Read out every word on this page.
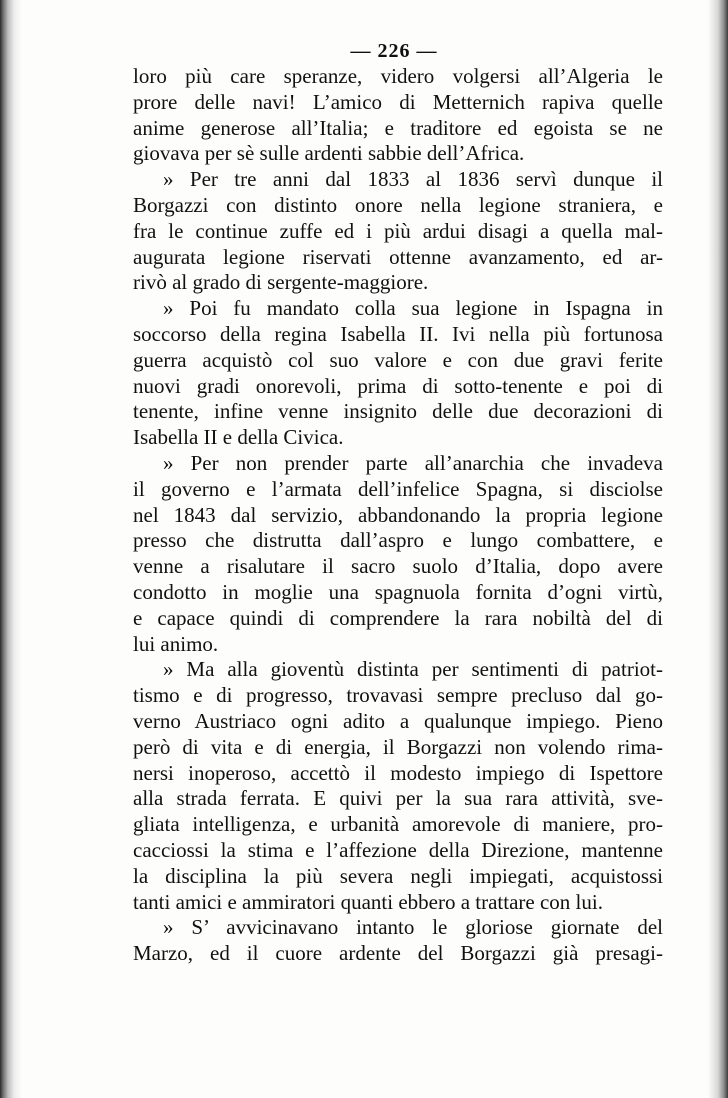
— 226 —
loro più care speranze, videro volgersi all’Algeria le
prore delle navi! L’amico di Metternich rapiva quelle
anime generose all’Italia; e traditore ed egoista se ne
giovava per sè sulle ardenti sabbie dell’Africa.
» Per tre anni dal 1833 al 1836 servì dunque il
Borgazzi con distinto onore nella legione straniera, e
fra le continue zuffe ed i più ardui disagi a quella mal-
augurata legione riservati ottenne avanzamento, ed ar-
rivò al grado di sergente-maggiore.
» Poi fu mandato colla sua legione in Ispagna in
soccorso della regina Isabella II. Ivi nella più fortunosa
guerra acquistò col suo valore e con due gravi ferite
nuovi gradi onorevoli, prima di sotto-tenente e poi di
tenente, infine venne insignito delle due decorazioni di
Isabella II e della Civica.
» Per non prender parte all’anarchia che invadeva
il governo e l’armata dell’infelice Spagna, si disciolse
nel 1843 dal servizio, abbandonando la propria legione
presso che distrutta dall’aspro e lungo combattere, e
venne a risalutare il sacro suolo d’Italia, dopo avere
condotto in moglie una spagnuola fornita d’ogni virtù,
e capace quindi di comprendere la rara nobiltà del di
lui animo.
» Ma alla gioventù distinta per sentimenti di patriot-
tismo e di progresso, trovavasi sempre precluso dal go-
verno Austriaco ogni adito a qualunque impiego. Pieno
però di vita e di energia, il Borgazzi non volendo rima-
nersi inoperoso, accettò il modesto impiego di Ispettore
alla strada ferrata. E quivi per la sua rara attività, sve-
gliata intelligenza, e urbanità amorevole di maniere, pro-
cacciossi la stima e l’affezione della Direzione, mantenne
la disciplina la più severa negli impiegati, acquistossi
tanti amici e ammiratori quanti ebbero a trattare con lui.
» S’ avvicinavano intanto le gloriose giornate del
Marzo, ed il cuore ardente del Borgazzi già presagi-
